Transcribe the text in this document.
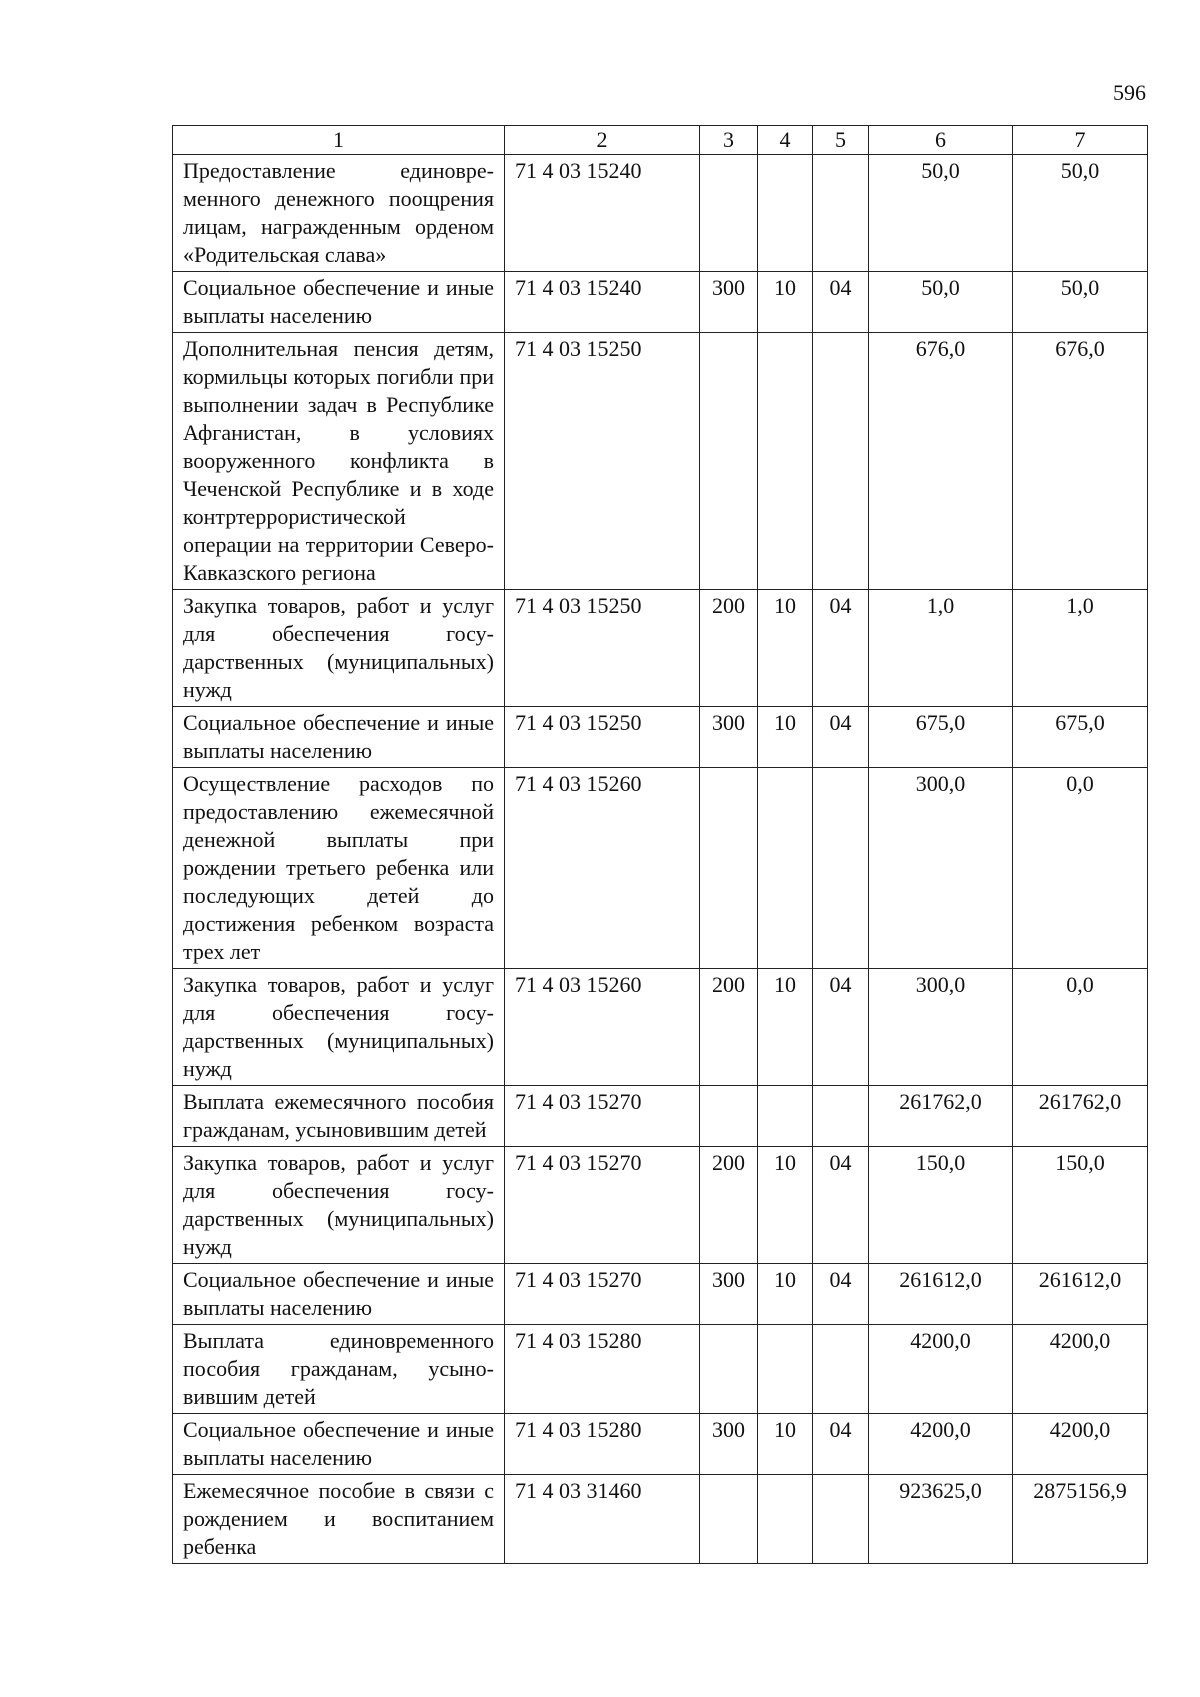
596
1	2	3	4	5	6	7
Предоставление единовременного денежного поощрения лицам, награжденным орденом «Родительская слава»	71 4 03 15240				50,0	50,0
Социальное обеспечение и иные выплаты населению	71 4 03 15240	300	10	04	50,0	50,0
Дополнительная пенсия детям, кормильцы которых погибли при выполнении задач в Республике Афганистан, в условиях вооруженного конфликта в Чеченской Республике и в ходе контртеррористической операции на территории Северо-Кавказского региона	71 4 03 15250				676,0	676,0
Закупка товаров, работ и услуг для обеспечения государственных (муниципальных) нужд	71 4 03 15250	200	10	04	1,0	1,0
Социальное обеспечение и иные выплаты населению	71 4 03 15250	300	10	04	675,0	675,0
Осуществление расходов по предоставлению ежемесячной денежной выплаты при рождении третьего ребенка или последующих детей до достижения ребенком возраста трех лет	71 4 03 15260				300,0	0,0
Закупка товаров, работ и услуг для обеспечения государственных (муниципальных) нужд	71 4 03 15260	200	10	04	300,0	0,0
Выплата ежемесячного пособия гражданам, усыновившим детей	71 4 03 15270				261762,0	261762,0
Закупка товаров, работ и услуг для обеспечения государственных (муниципальных) нужд	71 4 03 15270	200	10	04	150,0	150,0
Социальное обеспечение и иные выплаты населению	71 4 03 15270	300	10	04	261612,0	261612,0
Выплата единовременного пособия гражданам, усыновившим детей	71 4 03 15280				4200,0	4200,0
Социальное обеспечение и иные выплаты населению	71 4 03 15280	300	10	04	4200,0	4200,0
Ежемесячное пособие в связи с рождением и воспитанием ребенка	71 4 03 31460				923625,0	2875156,9
